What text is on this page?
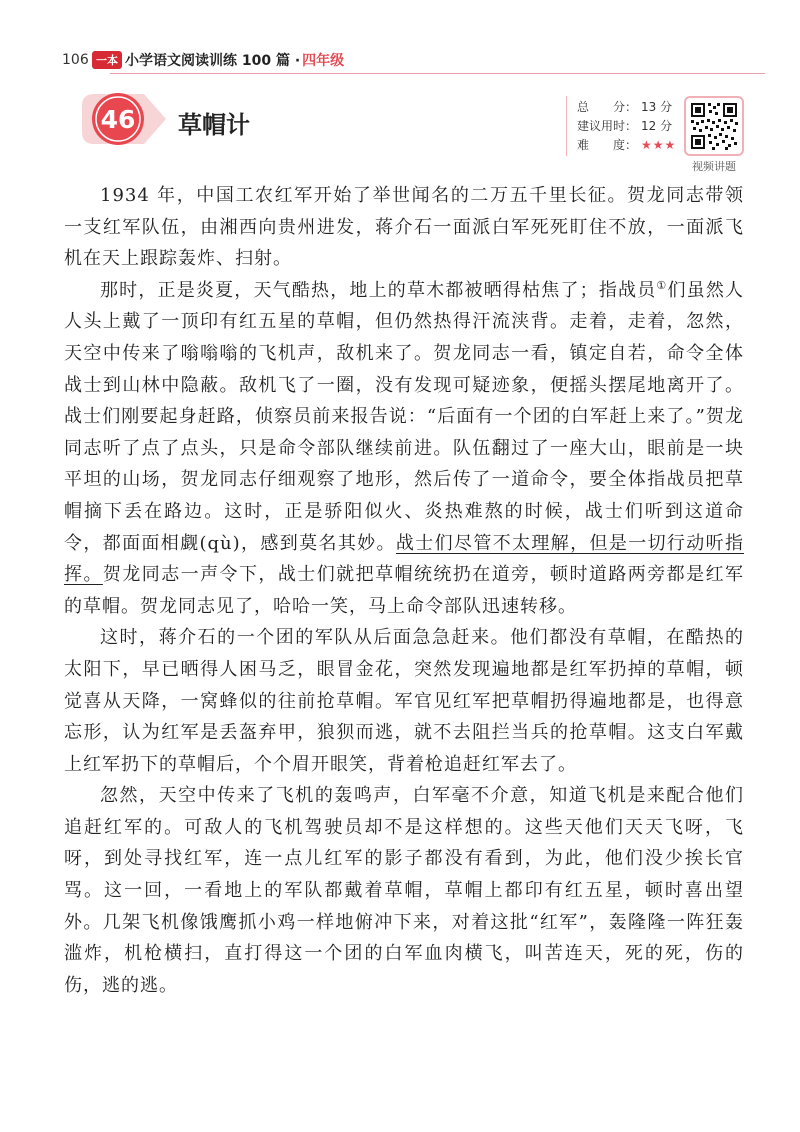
106 一本 小学语文阅读训练 100 篇 · 四年级
46 草帽计
总　　分： 13 分
建议用时： 12 分
难　　度： ★★★
视频讲题

1934 年，中国工农红军开始了举世闻名的二万五千里长征。贺龙同志带领一支红军队伍，由湘西向贵州进发，蒋介石一面派白军死死盯住不放，一面派飞机在天上跟踪轰炸、扫射。

那时，正是炎夏，天气酷热，地上的草木都被晒得枯焦了；指战员①们虽然人人头上戴了一顶印有红五星的草帽，但仍然热得汗流浃背。走着，走着，忽然，天空中传来了嗡嗡嗡的飞机声，敌机来了。贺龙同志一看，镇定自若，命令全体战士到山林中隐蔽。敌机飞了一圈，没有发现可疑迹象，便摇头摆尾地离开了。战士们刚要起身赶路，侦察员前来报告说：“后面有一个团的白军赶上来了。”贺龙同志听了点了点头，只是命令部队继续前进。队伍翻过了一座大山，眼前是一块平坦的山场，贺龙同志仔细观察了地形，然后传了一道命令，要全体指战员把草帽摘下丢在路边。这时，正是骄阳似火、炎热难熬的时候，战士们听到这道命令，都面面相觑(qù)，感到莫名其妙。战士们尽管不太理解，但是一切行动听指挥。贺龙同志一声令下，战士们就把草帽统统扔在道旁，顿时道路两旁都是红军的草帽。贺龙同志见了，哈哈一笑，马上命令部队迅速转移。

这时，蒋介石的一个团的军队从后面急急赶来。他们都没有草帽，在酷热的太阳下，早已晒得人困马乏，眼冒金花，突然发现遍地都是红军扔掉的草帽，顿觉喜从天降，一窝蜂似的往前抢草帽。军官见红军把草帽扔得遍地都是，也得意忘形，认为红军是丢盔弃甲，狼狈而逃，就不去阻拦当兵的抢草帽。这支白军戴上红军扔下的草帽后，个个眉开眼笑，背着枪追赶红军去了。

忽然，天空中传来了飞机的轰鸣声，白军毫不介意，知道飞机是来配合他们追赶红军的。可敌人的飞机驾驶员却不是这样想的。这些天他们天天飞呀，飞呀，到处寻找红军，连一点儿红军的影子都没有看到，为此，他们没少挨长官骂。这一回，一看地上的军队都戴着草帽，草帽上都印有红五星，顿时喜出望外。几架飞机像饿鹰抓小鸡一样地俯冲下来，对着这批“红军”，轰隆隆一阵狂轰滥炸，机枪横扫，直打得这一个团的白军血肉横飞，叫苦连天，死的死，伤的伤，逃的逃。
